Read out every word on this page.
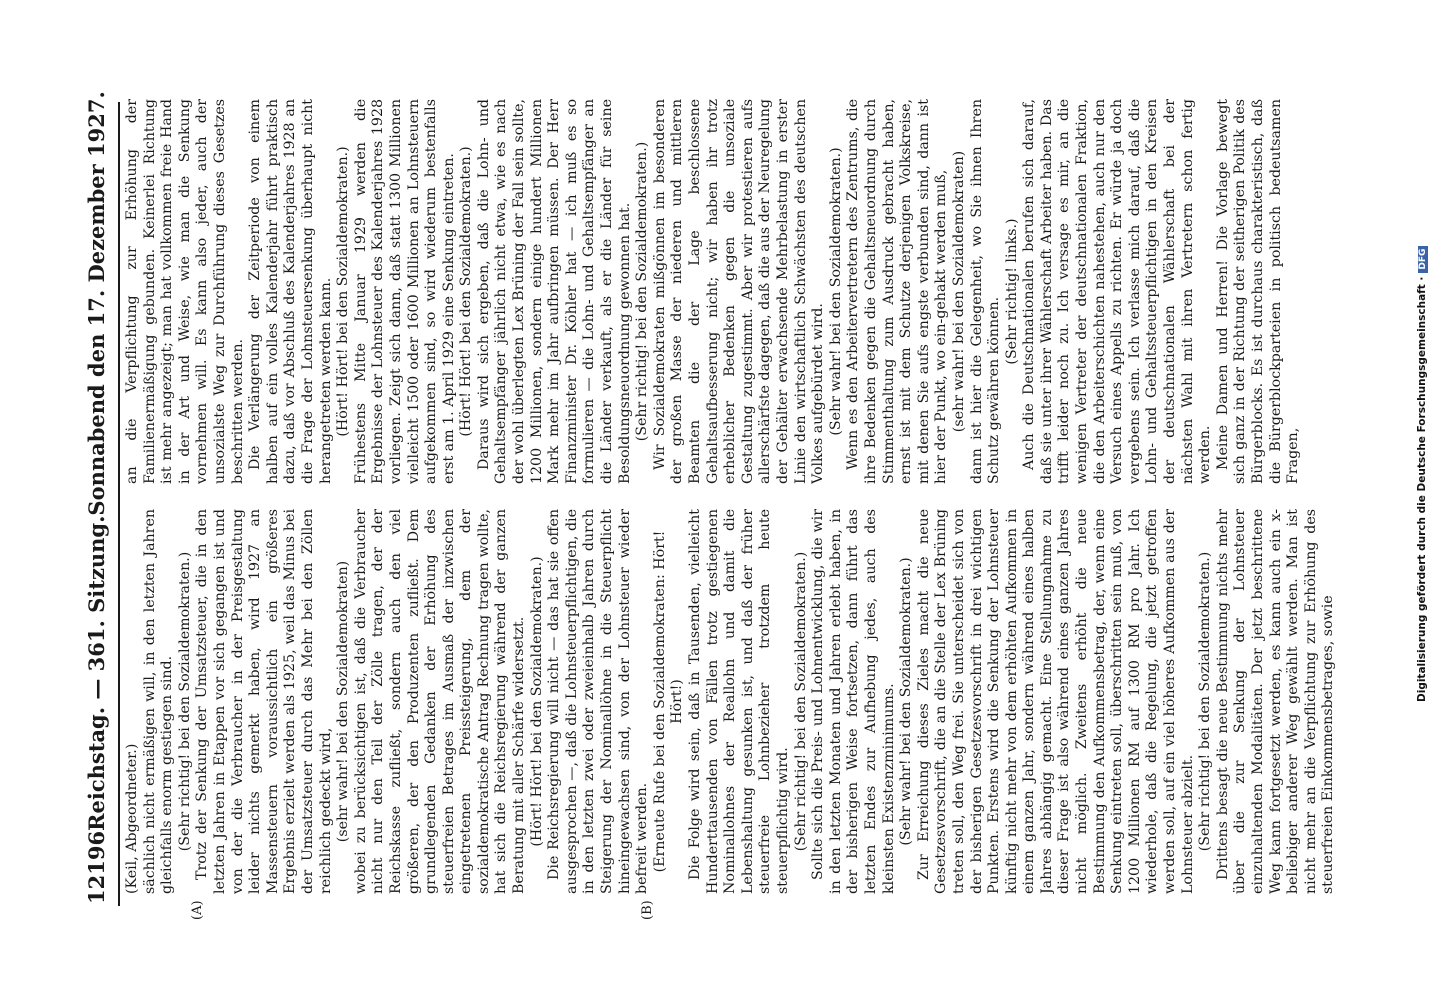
12196
Reichstag. — 361. Sitzung.
Sonnabend den 17. Dezember 1927.
(A)	(B)

(Keil, Abgeordneter.) sächlich nicht ermäßigen will, in den letzten Jahren gleichfalls enorm gestiegen sind. (Sehr richtig! bei den Sozialdemokraten.) Trotz der Senkung der Umsatzsteuer, die in den letzten Jahren in Etappen vor sich gegangen ist und von der die Verbraucher in der Preisgestaltung leider nichts gemerkt haben, wird 1927 an Massensteuern voraussichtlich ein größeres Ergebnis erzielt werden als 1925, weil das Minus bei der Umsatzsteuer durch das Mehr bei den Zöllen reichlich gedeckt wird, (sehr wahr! bei den Sozialdemokraten) wobei zu berücksichtigen ist, daß die Verbraucher nicht nur den Teil der Zölle tragen, der der Reichskasse zufließt, sondern auch den viel größeren, der den Produzenten zufließt. Dem grundlegenden Gedanken der Erhöhung des steuerfreien Betrages im Ausmaß der inzwischen eingetretenen Preissteigerung, dem der sozialdemokratische Antrag Rechnung tragen wollte, hat sich die Reichsregierung während der ganzen Beratung mit aller Schärfe widersetzt. (Hört! Hört! bei den Sozialdemokraten.) Die Reichsregierung will nicht — das hat sie offen ausgesprochen —, daß die Lohnsteuerpflichtigen, die in den letzten zwei oder zweieinhalb Jahren durch Steigerung der Nominallöhne in die Steuerpflicht hineingewachsen sind, von der Lohnsteuer wieder befreit werden. (Erneute Rufe bei den Sozialdemokraten: Hört! Hört!) Die Folge wird sein, daß in Tausenden, vielleicht Hunderttausenden von Fällen trotz gestiegenen Nominallohnes der Reallohn und damit die Lebenshaltung gesunken ist, und daß der früher steuerfreie Lohnbezieher trotzdem heute steuerpflichtig wird. (Sehr richtig! bei den Sozialdemokraten.) Sollte sich die Preis- und Lohnentwicklung, die wir in den letzten Monaten und Jahren erlebt haben, in der bisherigen Weise fortsetzen, dann führt das letzten Endes zur Aufhebung jedes, auch des kleinsten Existenzminimums. (Sehr wahr! bei den Sozialdemokraten.) Zur Erreichung dieses Zieles macht die neue Gesetzesvorschrift, die an die Stelle der Lex Brüning treten soll, den Weg frei. Sie unterscheidet sich von der bisherigen Gesetzesvorschrift in drei wichtigen Punkten. Erstens wird die Senkung der Lohnsteuer künftig nicht mehr von dem erhöhten Aufkommen in einem ganzen Jahr, sondern während eines halben Jahres abhängig gemacht. Eine Stellungnahme zu dieser Frage ist also während eines ganzen Jahres nicht möglich. Zweitens erhöht die neue Bestimmung den Aufkommensbetrag, der, wenn eine Senkung eintreten soll, überschritten sein muß, von 1200 Millionen RM auf 1300 RM pro Jahr. Ich wiederhole, daß die Regelung, die jetzt getroffen werden soll, auf ein viel höheres Aufkommen aus der Lohnsteuer abzielt. (Sehr richtig! bei den Sozialdemokraten.) Drittens besagt die neue Bestimmung nichts mehr über die zur Senkung der Lohnsteuer einzuhaltenden Modalitäten. Der jetzt beschrittene Weg kann fortgesetzt werden, es kann auch ein x-beliebiger anderer Weg gewählt werden. Man ist nicht mehr an die Verpflichtung zur Erhöhung des steuerfreien Einkommensbetrages, sowie

an die Verpflichtung zur Erhöhung der Familienermäßigung gebunden. Keinerlei Richtung ist mehr angezeigt; man hat vollkommen freie Hand in der Art und Weise, wie man die Senkung vornehmen will. Es kann also jeder, auch der unsozialste Weg zur Durchführung dieses Gesetzes beschritten werden. Die Verlängerung der Zeitperiode von einem halben auf ein volles Kalenderjahr führt praktisch dazu, daß vor Abschluß des Kalenderjahres 1928 an die Frage der Lohnsteuersenkung überhaupt nicht herangetreten werden kann. (Hört! Hört! bei den Sozialdemokraten.) Frühestens Mitte Januar 1929 werden die Ergebnisse der Lohnsteuer des Kalenderjahres 1928 vorliegen. Zeigt sich dann, daß statt 1300 Millionen vielleicht 1500 oder 1600 Millionen an Lohnsteuern aufgekommen sind, so wird wiederum bestenfalls erst am 1. April 1929 eine Senkung eintreten. (Hört! Hört! bei den Sozialdemokraten.) Daraus wird sich ergeben, daß die Lohn- und Gehaltsempfänger jährlich nicht etwa, wie es nach der wohl überlegten Lex Brüning der Fall sein sollte, 1200 Millionen, sondern einige hundert Millionen Mark mehr im Jahr aufbringen müssen. Der Herr Finanzminister Dr. Köhler hat — ich muß es so formulieren — die Lohn- und Gehaltsempfänger an die Länder verkauft, als er die Länder für seine Besoldungsneuordnung gewonnen hat. (Sehr richtig! bei den Sozialdemokraten.) Wir Sozialdemokraten mißgönnen im besonderen der großen Masse der niederen und mittleren Beamten die der Lage beschlossene Gehaltsaufbesserung nicht; wir haben ihr trotz erheblicher Bedenken gegen die unsoziale Gestaltung zugestimmt. Aber wir protestieren aufs allerschärfste dagegen, daß die aus der Neuregelung der Gehälter erwachsende Mehrbelastung in erster Linie den wirtschaftlich Schwächsten des deutschen Volkes aufgebürdet wird. (Sehr wahr! bei den Sozialdemokraten.) Wenn es den Arbeitervertretern des Zentrums, die ihre Bedenken gegen die Gehaltsneuordnung durch Stimmenthaltung zum Ausdruck gebracht haben, ernst ist mit dem Schutze derjenigen Volkskreise, mit denen Sie aufs engste verbunden sind, dann ist hier der Punkt, wo ein-gehakt werden muß, (sehr wahr! bei den Sozialdemokraten) dann ist hier die Gelegenheit, wo Sie ihnen Ihren Schutz gewähren können.

(Sehr richtig! links.) Auch die Deutschnationalen berufen sich darauf, daß sie unter ihrer Wählerschaft Arbeiter haben. Das trifft leider noch zu. Ich versage es mir, an die wenigen Vertreter der deutschnationalen Fraktion, die den Arbeiterschichten nahestehen, auch nur den Versuch eines Appells zu richten. Er würde ja doch vergebens sein. Ich verlasse mich darauf, daß die Lohn- und Gehaltssteuerpflichtigen in den Kreisen der deutschnationalen Wählerschaft bei der nächsten Wahl mit ihren Vertretern schon fertig werden. Meine Damen und Herren! Die Vorlage bewegt sich ganz in der Richtung der seitherigen Politik des Bürgerblocks. Es ist durchaus charakteristisch, daß die Bürgerblockparteien in politisch bedeutsamen Fragen,	Digitalisierung gefördert durch die Deutsche Forschungsgemeinschaft ·DFG
